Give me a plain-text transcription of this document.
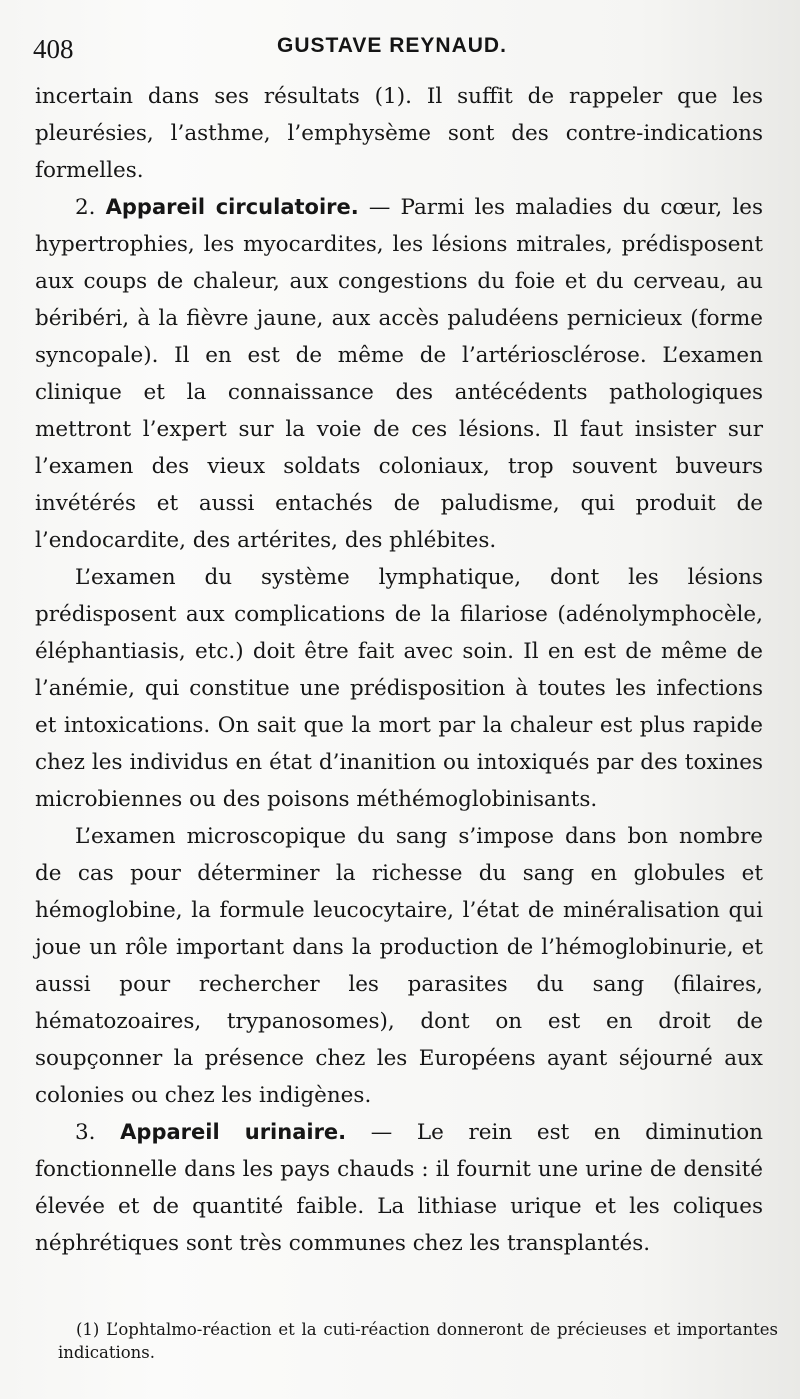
408	GUSTAVE REYNAUD.

incertain dans ses résultats (1). Il suffit de rappeler que les pleurésies, l’asthme, l’emphysème sont des contre-indications formelles.

2. Appareil circulatoire. — Parmi les maladies du cœur, les hypertrophies, les myocardites, les lésions mitrales, prédisposent aux coups de chaleur, aux congestions du foie et du cerveau, au béribéri, à la fièvre jaune, aux accès paludéens pernicieux (forme syncopale). Il en est de même de l’artériosclérose. L’examen clinique et la connaissance des antécédents pathologiques mettront l’expert sur la voie de ces lésions. Il faut insister sur l’examen des vieux soldats coloniaux, trop souvent buveurs invétérés et aussi entachés de paludisme, qui produit de l’endocardite, des artérites, des phlébites.

L’examen du système lymphatique, dont les lésions prédisposent aux complications de la filariose (adénolymphocèle, éléphantiasis, etc.) doit être fait avec soin. Il en est de même de l’anémie, qui constitue une prédisposition à toutes les infections et intoxications. On sait que la mort par la chaleur est plus rapide chez les individus en état d’inanition ou intoxiqués par des toxines microbiennes ou des poisons méthémoglobinisants.

L’examen microscopique du sang s’impose dans bon nombre de cas pour déterminer la richesse du sang en globules et hémoglobine, la formule leucocytaire, l’état de minéralisation qui joue un rôle important dans la production de l’hémoglobinurie, et aussi pour rechercher les parasites du sang (filaires, hématozoaires, trypanosomes), dont on est en droit de soupçonner la présence chez les Européens ayant séjourné aux colonies ou chez les indigènes.

3. Appareil urinaire. — Le rein est en diminution fonctionnelle dans les pays chauds : il fournit une urine de densité élevée et de quantité faible. La lithiase urique et les coliques néphrétiques sont très communes chez les transplantés.

(1) L’ophtalmo-réaction et la cuti-réaction donneront de précieuses et importantes indications.
